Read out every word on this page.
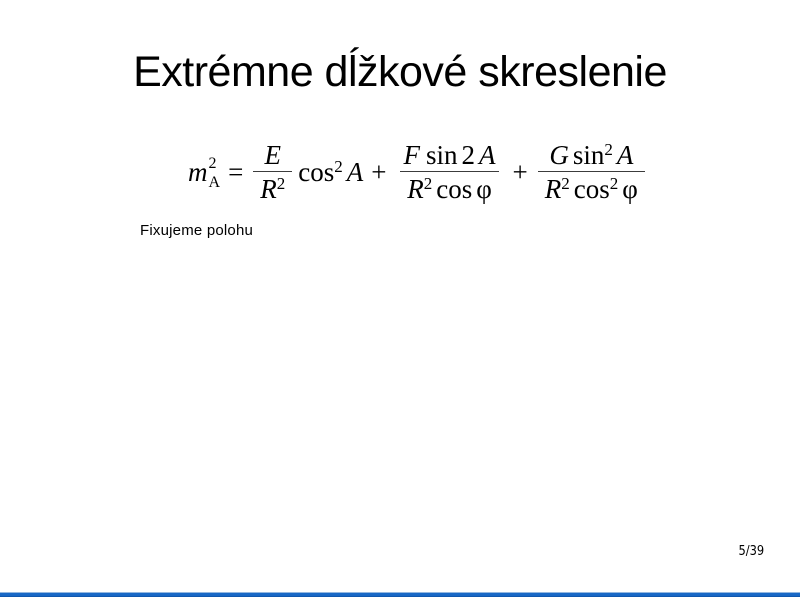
Extrémne dĺžkové skreslenie
m 2
$A = \frac{E}{R^2} \cos^2 A + \frac{\text{F sin 2 A}}{R^2 \cos \varphi} + \frac{G \sin^2 A}{R^2 \cos^2 \varphi}$
Fixujeme polohu
5/39
